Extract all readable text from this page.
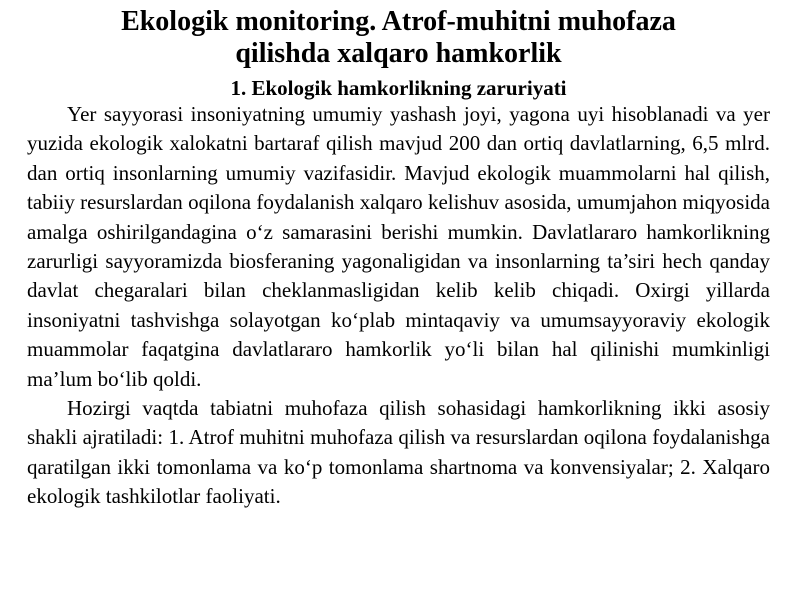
Ekologik monitoring. Atrof-muhitni muhofaza
qilishda xalqaro hamkorlik
1. Ekologik hamkorlikning zaruriyati

Yer sayyorasi insoniyatning umumiy yashash joyi, yagona uyi hisoblanadi va yer yuzida ekologik xalokatni bartaraf qilish mavjud 200 dan ortiq davlatlarning, 6,5 mlrd. dan ortiq insonlarning umumiy vazifasidir. Mavjud ekologik muammolarni hal qilish, tabiiy resurslardan oqilona foydalanish xalqaro kelishuv asosida, umumjahon miqyosida amalga oshirilgandagina o‘z samarasini berishi mumkin. Davlatlararo hamkorlikning zarurligi sayyoramizda biosferaning yagonaligidan va insonlarning ta’siri hech qanday davlat chegaralari bilan cheklanmasligidan kelib kelib chiqadi. Oxirgi yillarda insoniyatni tashvishga solayotgan ko‘plab mintaqaviy va umumsayyoraviy ekologik muammolar faqatgina davlatlararo hamkorlik yo‘li bilan hal qilinishi mumkinligi ma’lum bo‘lib qoldi.

Hozirgi vaqtda tabiatni muhofaza qilish sohasidagi hamkorlikning ikki asosiy shakli ajratiladi: 1. Atrof muhitni muhofaza qilish va resurslardan oqilona foydalanishga qaratilgan ikki tomonlama va ko‘p tomonlama shartnoma va konvensiyalar; 2. Xalqaro ekologik tashkilotlar faoliyati.
